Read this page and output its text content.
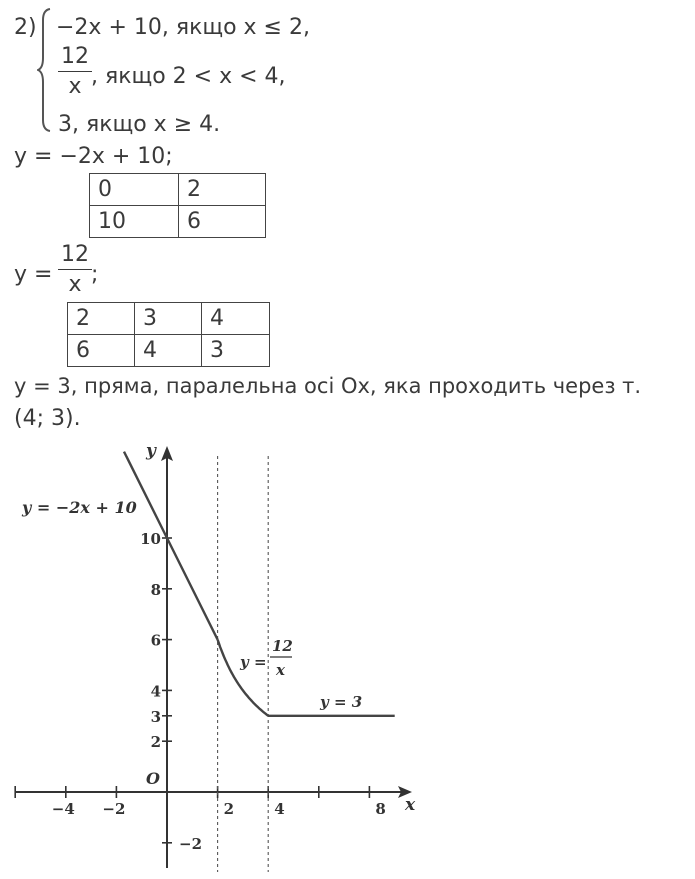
2) −2x + 10, якщо x ≤ 2,
12
x , якщо 2 < x < 4,
3, якщо x ≥ 4.
y = −2x + 10;
0	2
10	6
y =
12
x ;
2	3	4
6	4	3
y = 3, пряма, паралельна осі Ox, яка проходить через т.
(4; 3).
x
y
O
−4 −2	2	4	8
10
8
6
4
3
2
−2
y = −2x + 10
y =
12
x
y = 3
